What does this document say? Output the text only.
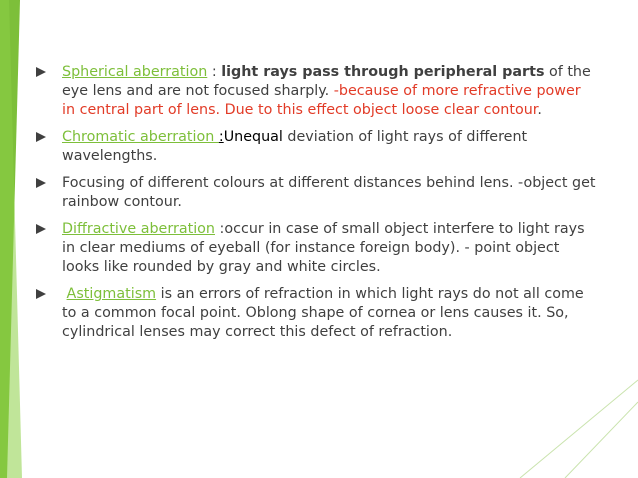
Spherical aberration : light rays pass through peripheral parts of the eye lens and are not focused sharply. -because of more refractive power in central part of lens. Due to this effect object loose clear contour.
Chromatic aberration :Unequal deviation of light rays of different wavelengths.
Focusing of different colours at different distances behind lens. -object get rainbow contour.
Diffractive aberration :occur in case of small object interfere to light rays in clear mediums of eyeball (for instance foreign body). - point object looks like rounded by gray and white circles.
Astigmatism is an errors of refraction in which light rays do not all come to a common focal point. Oblong shape of cornea or lens causes it. So, cylindrical lenses may correct this defect of refraction.
